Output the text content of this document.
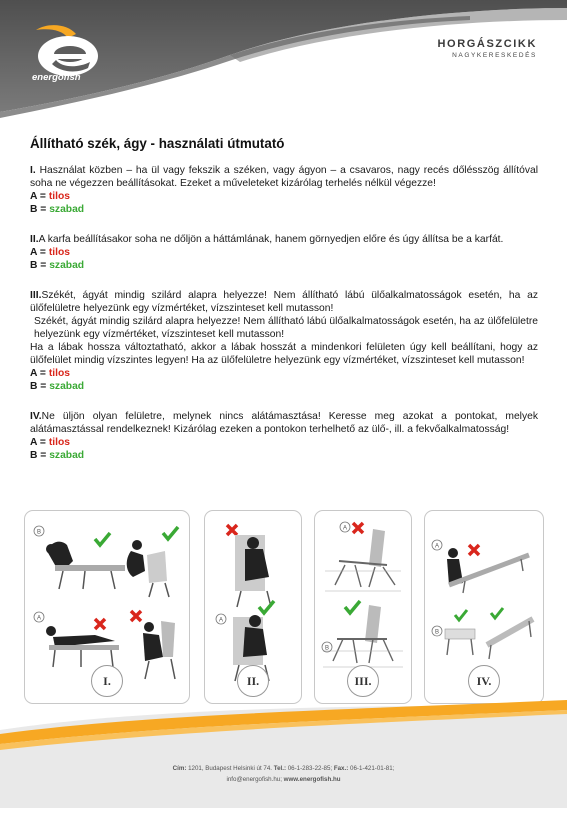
energofish
HORGÁSZCIKK
NAGYKERESKEDÉS
Állítható szék, ágy - használati útmutató

I. Használat közben – ha ül vagy fekszik a széken, vagy ágyon – a csavaros, nagy recés dőlésszög állítóval soha ne végezzen beállításokat. Ezeket a műveleteket kizárólag terhelés nélkül végezze!

A = tilos
B = szabad

II.A karfa beállításakor soha ne dőljön a háttámlának, hanem görnyedjen előre és úgy állítsa be a karfát.

A = tilos
B = szabad

III.Székét, ágyát mindig szilárd alapra helyezze! Nem állítható lábú ülőalkalmatosságok esetén, ha az ülőfelületre helyezünk egy vízmértéket, vízszinteset kell mutasson!

Székét, ágyát mindig szilárd alapra helyezze! Nem állítható lábú ülőalkalmatosságok esetén, ha az ülőfelületre helyezünk egy vízmértéket, vízszinteset kell mutasson!

Ha a lábak hossza változtatható, akkor a lábak hosszát a mindenkori felületen úgy kell beállítani, hogy az ülőfelület mindig vízszintes legyen! Ha az ülőfelületre helyezünk egy vízmértéket, vízszinteset kell mutasson!

A = tilos
B = szabad

IV.Ne üljön olyan felületre, melynek nincs alátámasztása! Keresse meg azokat a pontokat, melyek alátámasztással rendelkeznek! Kizárólag ezeken a pontokon terhelhető az ülő-, ill. a fekvőalkalmatosság!

A = tilos
B = szabad
B
A
I.
A
II.
A
B
III.
A
B
IV.
Cím: 1201, Budapest Helsinki út 74. Tel.: 06-1-283-22-85; Fax.: 06-1-421-01-81;
info@energofish.hu; www.energofish.hu
